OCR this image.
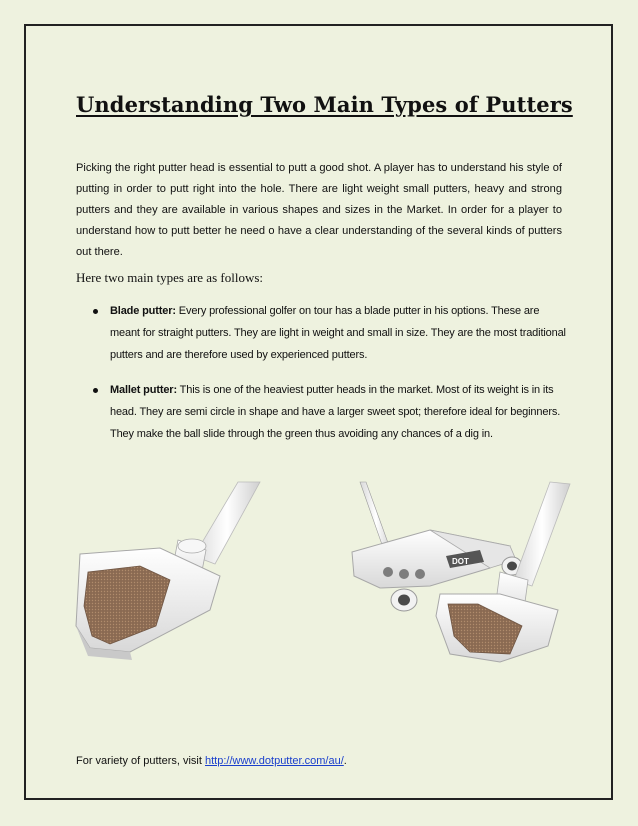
Understanding Two Main Types of Putters

Picking the right putter head is essential to putt a good shot. A player has to understand his style of putting in order to putt right into the hole. There are light weight small putters, heavy and strong putters and they are available in various shapes and sizes in the Market. In order for a player to understand how to putt better he need o have a clear understanding of the several kinds of putters out there.

Here two main types are as follows:

Blade putter: Every professional golfer on tour has a blade putter in his options. These are meant for straight putters. They are light in weight and small in size. They are the most traditional putters and are therefore used by experienced putters.
Mallet putter: This is one of the heaviest putter heads in the market. Most of its weight is in its head. They are semi circle in shape and have a larger sweet spot; therefore ideal for beginners. They make the ball slide through the green thus avoiding any chances of a dig in.
DOT

For variety of putters, visit http://www.dotputter.com/au/.
